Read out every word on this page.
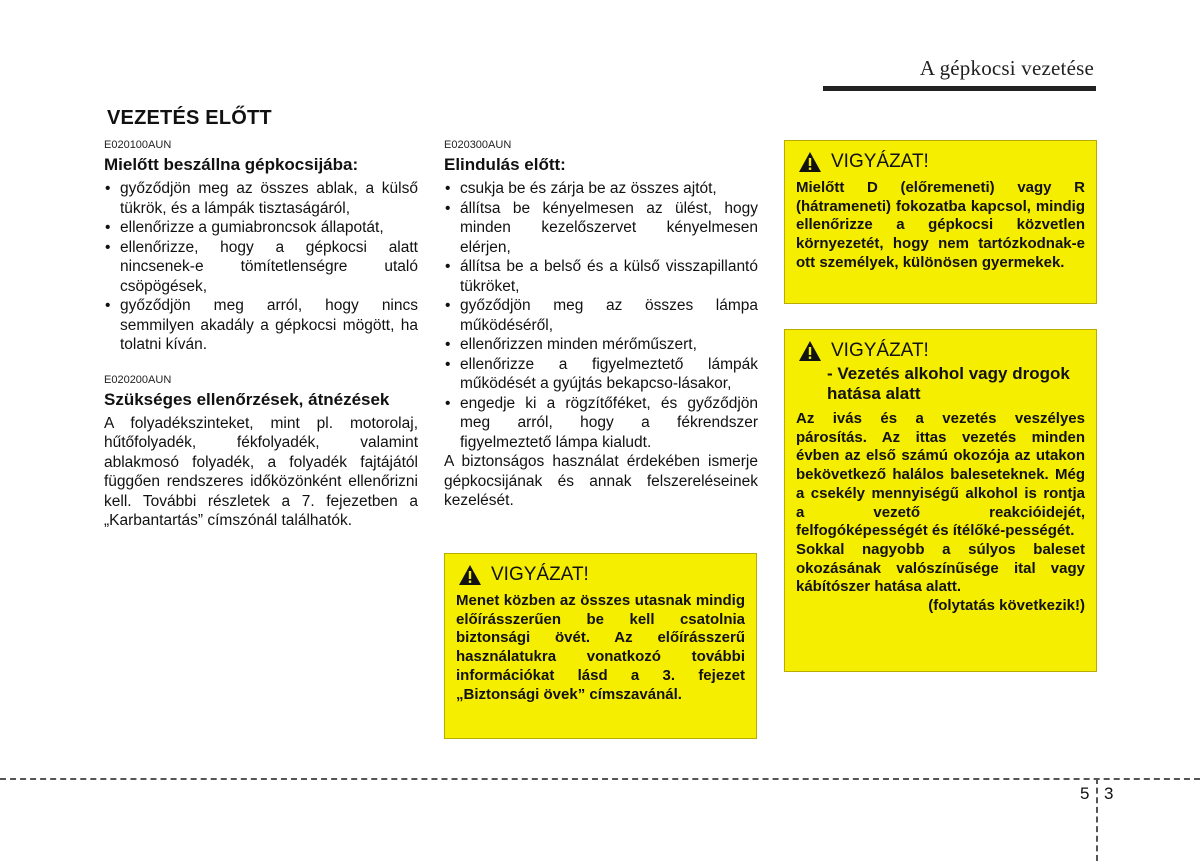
A gépkocsi vezetése
VEZETÉS ELŐTT
E020100AUN
Mielőtt beszállna gépkocsijába:
• győződjön meg az összes ablak, a külső tükrök, és a lámpák tisztaságáról,
• ellenőrizze a gumiabroncsok állapotát,
• ellenőrizze, hogy a gépkocsi alatt nincsenek-e tömítetlenségre utaló csöpögések,
• győződjön meg arról, hogy nincs semmilyen akadály a gépkocsi mögött, ha tolatni kíván.
E020200AUN
Szükséges ellenőrzések, átnézések
A folyadékszinteket, mint pl. motorolaj, hűtőfolyadék, fékfolyadék, valamint ablakmosó folyadék, a folyadék fajtájától függően rendszeres időközönként ellenőrizni kell. További részletek a 7. fejezetben a „Karbantartás” címszónál találhatók.
E020300AUN
Elindulás előtt:
• csukja be és zárja be az összes ajtót,
• állítsa be kényelmesen az ülést, hogy minden kezelőszervet kényelmesen elérjen,
• állítsa be a belső és a külső visszapillantó tükröket,
• győződjön meg az összes lámpa működéséről,
• ellenőrizzen minden mérőműszert,
• ellenőrizze a figyelmeztető lámpák működését a gyújtás bekapcso-lásakor,
• engedje ki a rögzítőféket, és győződjön meg arról, hogy a fékrendszer figyelmeztető lámpa kialudt.
A biztonságos használat érdekében ismerje gépkocsijának és annak felszereléseinek kezelését.
VIGYÁZAT!

Menet közben az összes utasnak mindig előírásszerűen be kell csatolnia biztonsági övét. Az előírásszerű használatukra vonatkozó további információkat lásd a 3. fejezet „Biztonsági övek” címszavánál.

VIGYÁZAT!

Mielőtt D (előremeneti) vagy R (hátrameneti) fokozatba kapcsol, mindig ellenőrizze a gépkocsi közvetlen környezetét, hogy nem tartózkodnak-e ott személyek, különösen gyermekek.

VIGYÁZAT!
- Vezetés alkohol vagy drogok hatása alatt

Az ivás és a vezetés veszélyes párosítás. Az ittas vezetés minden évben az első számú okozója az utakon bekövetkező halálos baleseteknek. Még a csekély mennyiségű alkohol is rontja a vezető reakcióidejét, felfogóképességét és ítélőké-pességét.

Sokkal nagyobb a súlyos baleset okozásának valószínűsége ital vagy kábítószer hatása alatt.

(folytatás következik!)

5 3
